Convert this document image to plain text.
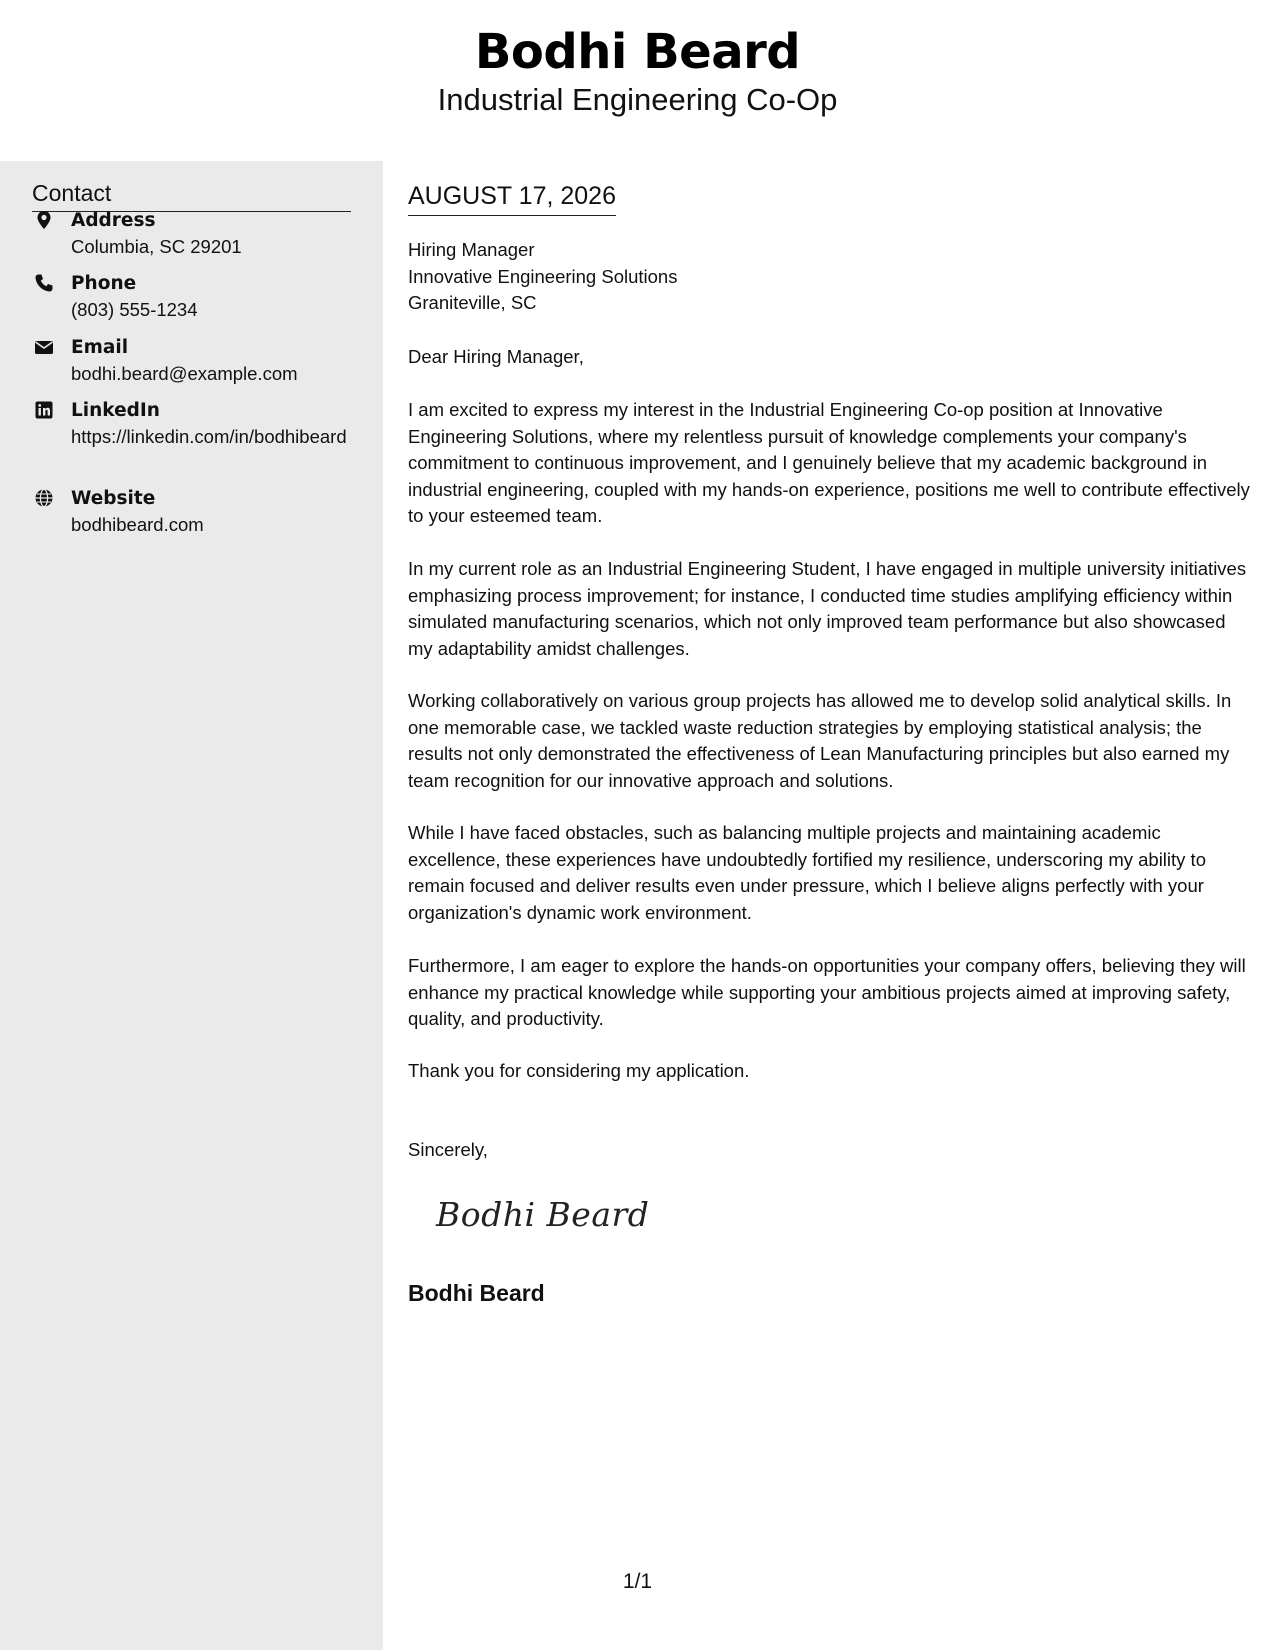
Bodhi Beard
Industrial Engineering Co-Op
Contact
Address
Columbia, SC 29201
Phone
(803) 555-1234
Email
bodhi.beard@example.com
LinkedIn
https://linkedin.com/in/bodhibeard
Website
bodhibeard.com
AUGUST 17, 2026
Hiring Manager
Innovative Engineering Solutions
Graniteville, SC

Dear Hiring Manager,

I am excited to express my interest in the Industrial Engineering Co-op position at Innovative Engineering Solutions, where my relentless pursuit of knowledge complements your company's commitment to continuous improvement, and I genuinely believe that my academic background in industrial engineering, coupled with my hands-on experience, positions me well to contribute effectively to your esteemed team.

In my current role as an Industrial Engineering Student, I have engaged in multiple university initiatives emphasizing process improvement; for instance, I conducted time studies amplifying efficiency within simulated manufacturing scenarios, which not only improved team performance but also showcased my adaptability amidst challenges.

Working collaboratively on various group projects has allowed me to develop solid analytical skills. In one memorable case, we tackled waste reduction strategies by employing statistical analysis; the results not only demonstrated the effectiveness of Lean Manufacturing principles but also earned my team recognition for our innovative approach and solutions.

While I have faced obstacles, such as balancing multiple projects and maintaining academic excellence, these experiences have undoubtedly fortified my resilience, underscoring my ability to remain focused and deliver results even under pressure, which I believe aligns perfectly with your organization's dynamic work environment.

Furthermore, I am eager to explore the hands-on opportunities your company offers, believing they will enhance my practical knowledge while supporting your ambitious projects aimed at improving safety, quality, and productivity.

Thank you for considering my application.

Sincerely,

Bodhi Beard
Bodhi Beard
1/1
